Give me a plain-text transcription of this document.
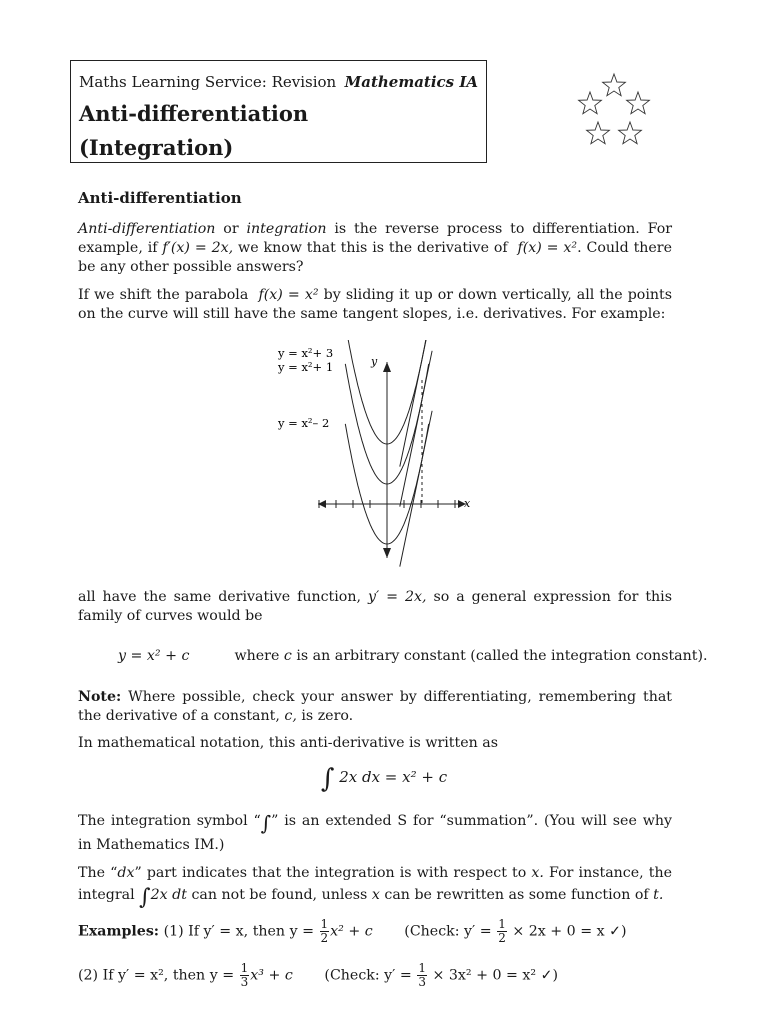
Maths Learning Service: Revision Mathematics IA
Anti-differentiation
(Integration)
Anti-differentiation
Anti-differentiation or integration is the reverse process to differentiation. For example, if f′(x) = 2x, we know that this is the derivative of f(x) = x². Could there be any other possible answers?
If we shift the parabola f(x) = x² by sliding it up or down vertically, all the points on the curve will still have the same tangent slopes, i.e. derivatives. For example:
y = x²+ 3
y = x²+ 1
y = x²– 2
y
x
all have the same derivative function, y′ = 2x, so a general expression for this family of curves would be
y = x² + c	where c is an arbitrary constant (called the integration constant).
Note: Where possible, check your answer by differentiating, remembering that the derivative of a constant, c, is zero.
In mathematical notation, this anti-derivative is written as
∫ 2x dx = x² + c
The integration symbol “∫” is an extended S for “summation”. (You will see why in Mathematics IM.)
The “dx” part indicates that the integration is with respect to x. For instance, the integral ∫2x dt can not be found, unless x can be rewritten as some function of t.
Examples: (1) If y′ = x, then $y = \frac{1}{2} x^2 + c$ (Check: $y' = \frac{1}{2} \times 2x + 0 = x$ ✓)
(2) If y′ = x², then $y = \frac{1}{3} x^3 + c$ (Check: $y' = \frac{1}{3} \times 3x^2 + 0 = x^2$ ✓)
